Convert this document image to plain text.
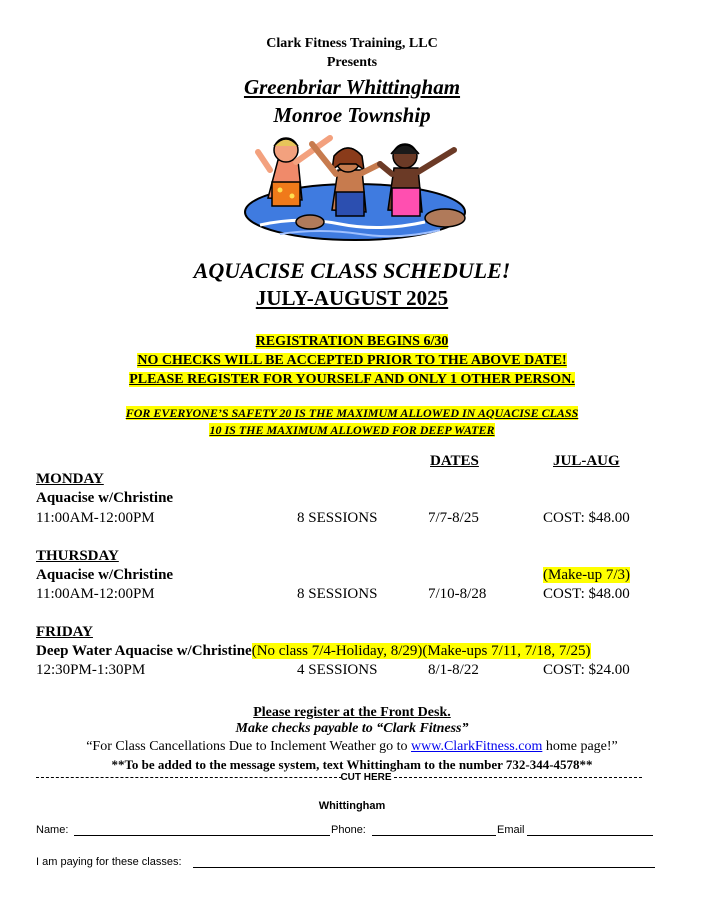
Clark Fitness Training, LLC
Presents
Greenbriar Whittingham
Monroe Township
AQUACISE CLASS SCHEDULE!
JULY-AUGUST 2025
REGISTRATION BEGINS 6/30
NO CHECKS WILL BE ACCEPTED PRIOR TO THE ABOVE DATE!
PLEASE REGISTER FOR YOURSELF AND ONLY 1 OTHER PERSON.
FOR EVERYONE’S SAFETY 20 IS THE MAXIMUM ALLOWED IN AQUACISE CLASS
10 IS THE MAXIMUM ALLOWED FOR DEEP WATER
DATES	JUL-AUG
MONDAY
Aquacise w/Christine
11:00AM-12:00PM	8 SESSIONS	7/7-8/25	COST: $48.00
THURSDAY
Aquacise w/Christine	(Make-up 7/3)
11:00AM-12:00PM	8 SESSIONS	7/10-8/28	COST: $48.00
FRIDAY
Deep Water Aquacise w/Christine(No class 7/4-Holiday, 8/29)(Make-ups 7/11, 7/18, 7/25)
12:30PM-1:30PM	4 SESSIONS	8/1-8/22	COST: $24.00
Please register at the Front Desk.
Make checks payable to “Clark Fitness”
“For Class Cancellations Due to Inclement Weather go to www.ClarkFitness.com home page!”
**To be added to the message system, text Whittingham to the number 732-344-4578**
CUT HERE
Whittingham
Name:	Phone:	Email
I am paying for these classes:
